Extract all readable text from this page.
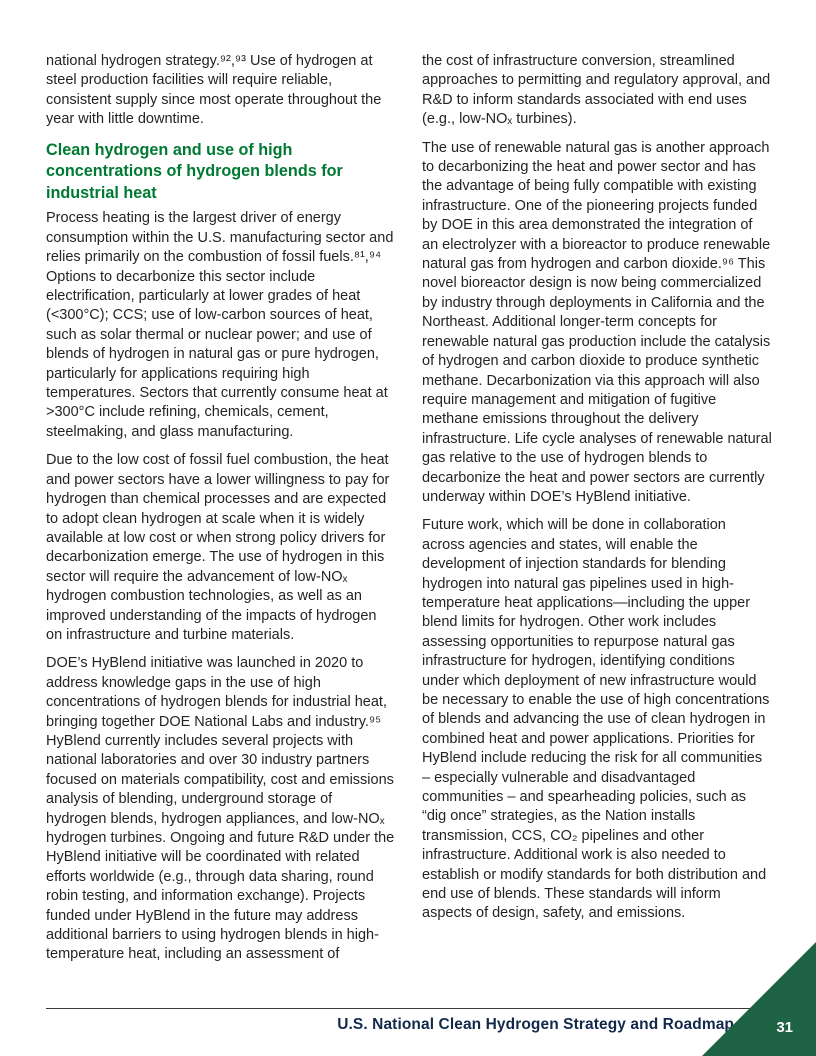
national hydrogen strategy.⁹²,⁹³ Use of hydrogen at steel production facilities will require reliable, consistent supply since most operate throughout the year with little downtime.

Clean hydrogen and use of high concentrations of hydrogen blends for industrial heat

Process heating is the largest driver of energy consumption within the U.S. manufacturing sector and relies primarily on the combustion of fossil fuels.⁸¹,⁹⁴ Options to decarbonize this sector include electrification, particularly at lower grades of heat (<300°C); CCS; use of low-carbon sources of heat, such as solar thermal or nuclear power; and use of blends of hydrogen in natural gas or pure hydrogen, particularly for applications requiring high temperatures. Sectors that currently consume heat at >300°C include refining, chemicals, cement, steelmaking, and glass manufacturing.

Due to the low cost of fossil fuel combustion, the heat and power sectors have a lower willingness to pay for hydrogen than chemical processes and are expected to adopt clean hydrogen at scale when it is widely available at low cost or when strong policy drivers for decarbonization emerge. The use of hydrogen in this sector will require the advancement of low-NOₓ hydrogen combustion technologies, as well as an improved understanding of the impacts of hydrogen on infrastructure and turbine materials.

DOE’s HyBlend initiative was launched in 2020 to address knowledge gaps in the use of high concentrations of hydrogen blends for industrial heat, bringing together DOE National Labs and industry.⁹⁵ HyBlend currently includes several projects with national laboratories and over 30 industry partners focused on materials compatibility, cost and emissions analysis of blending, underground storage of hydrogen blends, hydrogen appliances, and low-NOₓ hydrogen turbines. Ongoing and future R&D under the HyBlend initiative will be coordinated with related efforts worldwide (e.g., through data sharing, round robin testing, and information exchange). Projects funded under HyBlend in the future may address additional barriers to using hydrogen blends in high-temperature heat, including an assessment of

the cost of infrastructure conversion, streamlined approaches to permitting and regulatory approval, and R&D to inform standards associated with end uses (e.g., low-NOₓ turbines).

The use of renewable natural gas is another approach to decarbonizing the heat and power sector and has the advantage of being fully compatible with existing infrastructure. One of the pioneering projects funded by DOE in this area demonstrated the integration of an electrolyzer with a bioreactor to produce renewable natural gas from hydrogen and carbon dioxide.⁹⁶ This novel bioreactor design is now being commercialized by industry through deployments in California and the Northeast. Additional longer-term concepts for renewable natural gas production include the catalysis of hydrogen and carbon dioxide to produce synthetic methane. Decarbonization via this approach will also require management and mitigation of fugitive methane emissions throughout the delivery infrastructure. Life cycle analyses of renewable natural gas relative to the use of hydrogen blends to decarbonize the heat and power sectors are currently underway within DOE’s HyBlend initiative.

Future work, which will be done in collaboration across agencies and states, will enable the development of injection standards for blending hydrogen into natural gas pipelines used in high-temperature heat applications—including the upper blend limits for hydrogen. Other work includes assessing opportunities to repurpose natural gas infrastructure for hydrogen, identifying conditions under which deployment of new infrastructure would be necessary to enable the use of high concentrations of blends and advancing the use of clean hydrogen in combined heat and power applications. Priorities for HyBlend include reducing the risk for all communities – especially vulnerable and disadvantaged communities – and spearheading policies, such as “dig once” strategies, as the Nation installs transmission, CCS, CO₂ pipelines and other infrastructure. Additional work is also needed to establish or modify standards for both distribution and end use of blends. These standards will inform aspects of design, safety, and emissions.

U.S. National Clean Hydrogen Strategy and Roadmap	31
